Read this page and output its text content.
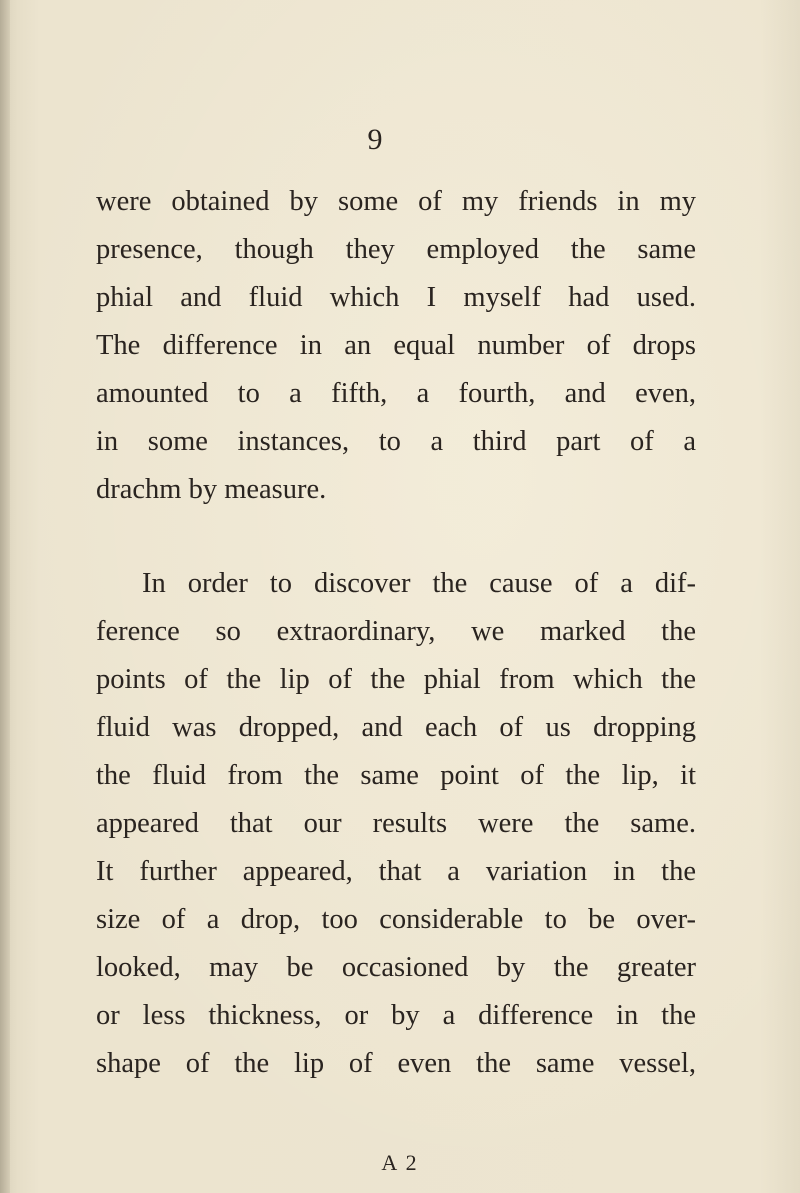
9
were obtained by some of my friends in my
presence, though they employed the same
phial and fluid which I myself had used.
The difference in an equal number of drops
amounted to a fifth, a fourth, and even,
in some instances, to a third part of a
drachm by measure.
In order to discover the cause of a dif-
ference so extraordinary, we marked the
points of the lip of the phial from which the
fluid was dropped, and each of us dropping
the fluid from the same point of the lip, it
appeared that our results were the same.
It further appeared, that a variation in the
size of a drop, too considerable to be over-
looked, may be occasioned by the greater
or less thickness, or by a difference in the
shape of the lip of even the same vessel,
A 2
